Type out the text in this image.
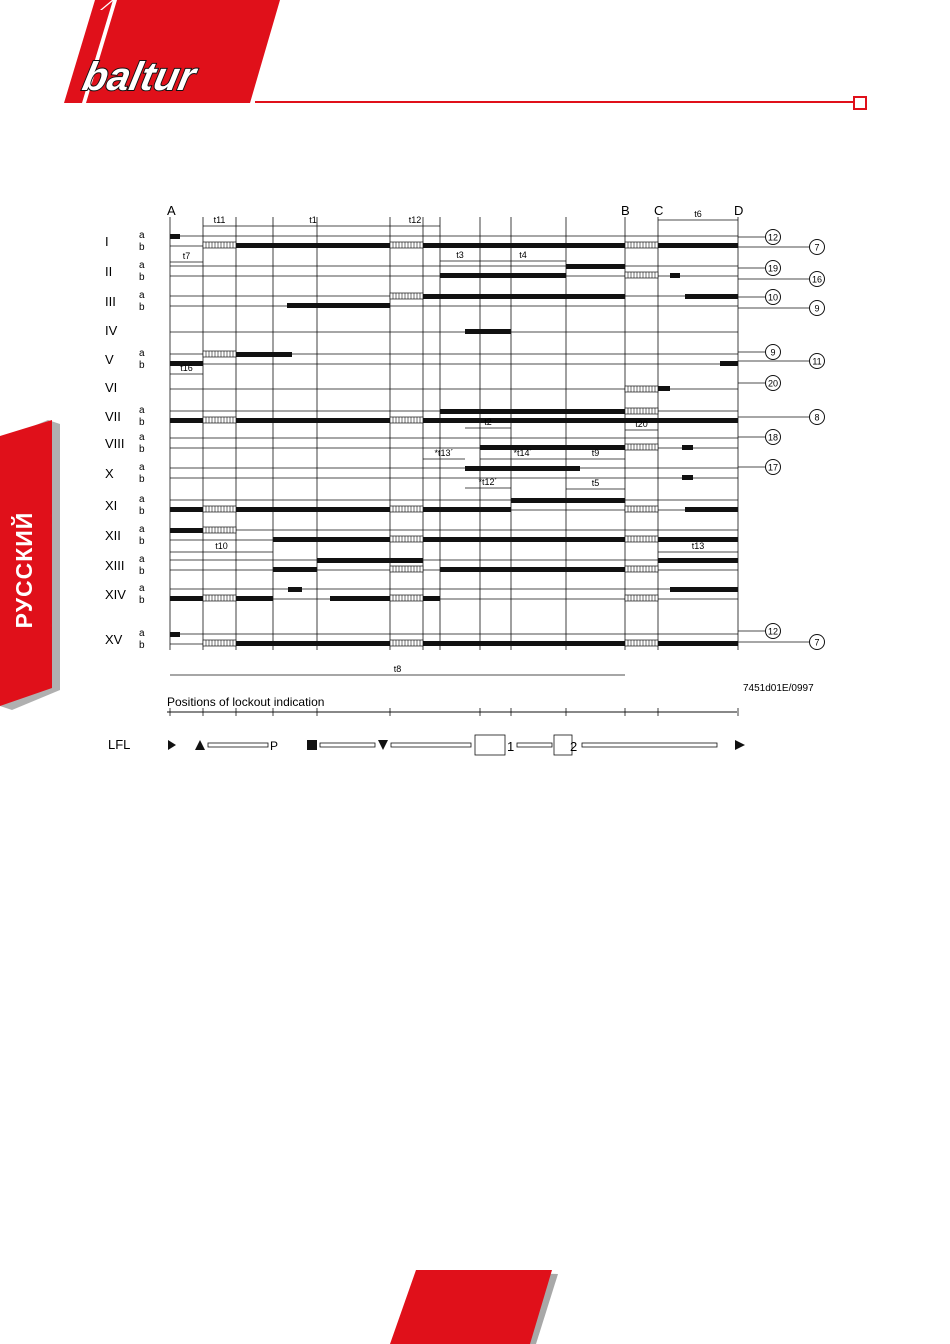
baltur
РУССКИЙ
A	B C	D
I	a
b
II	a
b
III a
b
IV
V	a
b
VI
VII a
b
VIII a
b
X	a
b
XI a
b
XII a
b
XIII a
b
XIV a
b
XV a
b
t11	t1	t12
t6
t7	t3	t4
t16
t2	t20
*t13´	*t14´	t9
*t12´	t5
t10	t13
t8
12
7
19
16
10
9
9
11
20
8
18
17
12
7
Positions of lockout indication
7451d01E/0997
LFL	P	1	2
